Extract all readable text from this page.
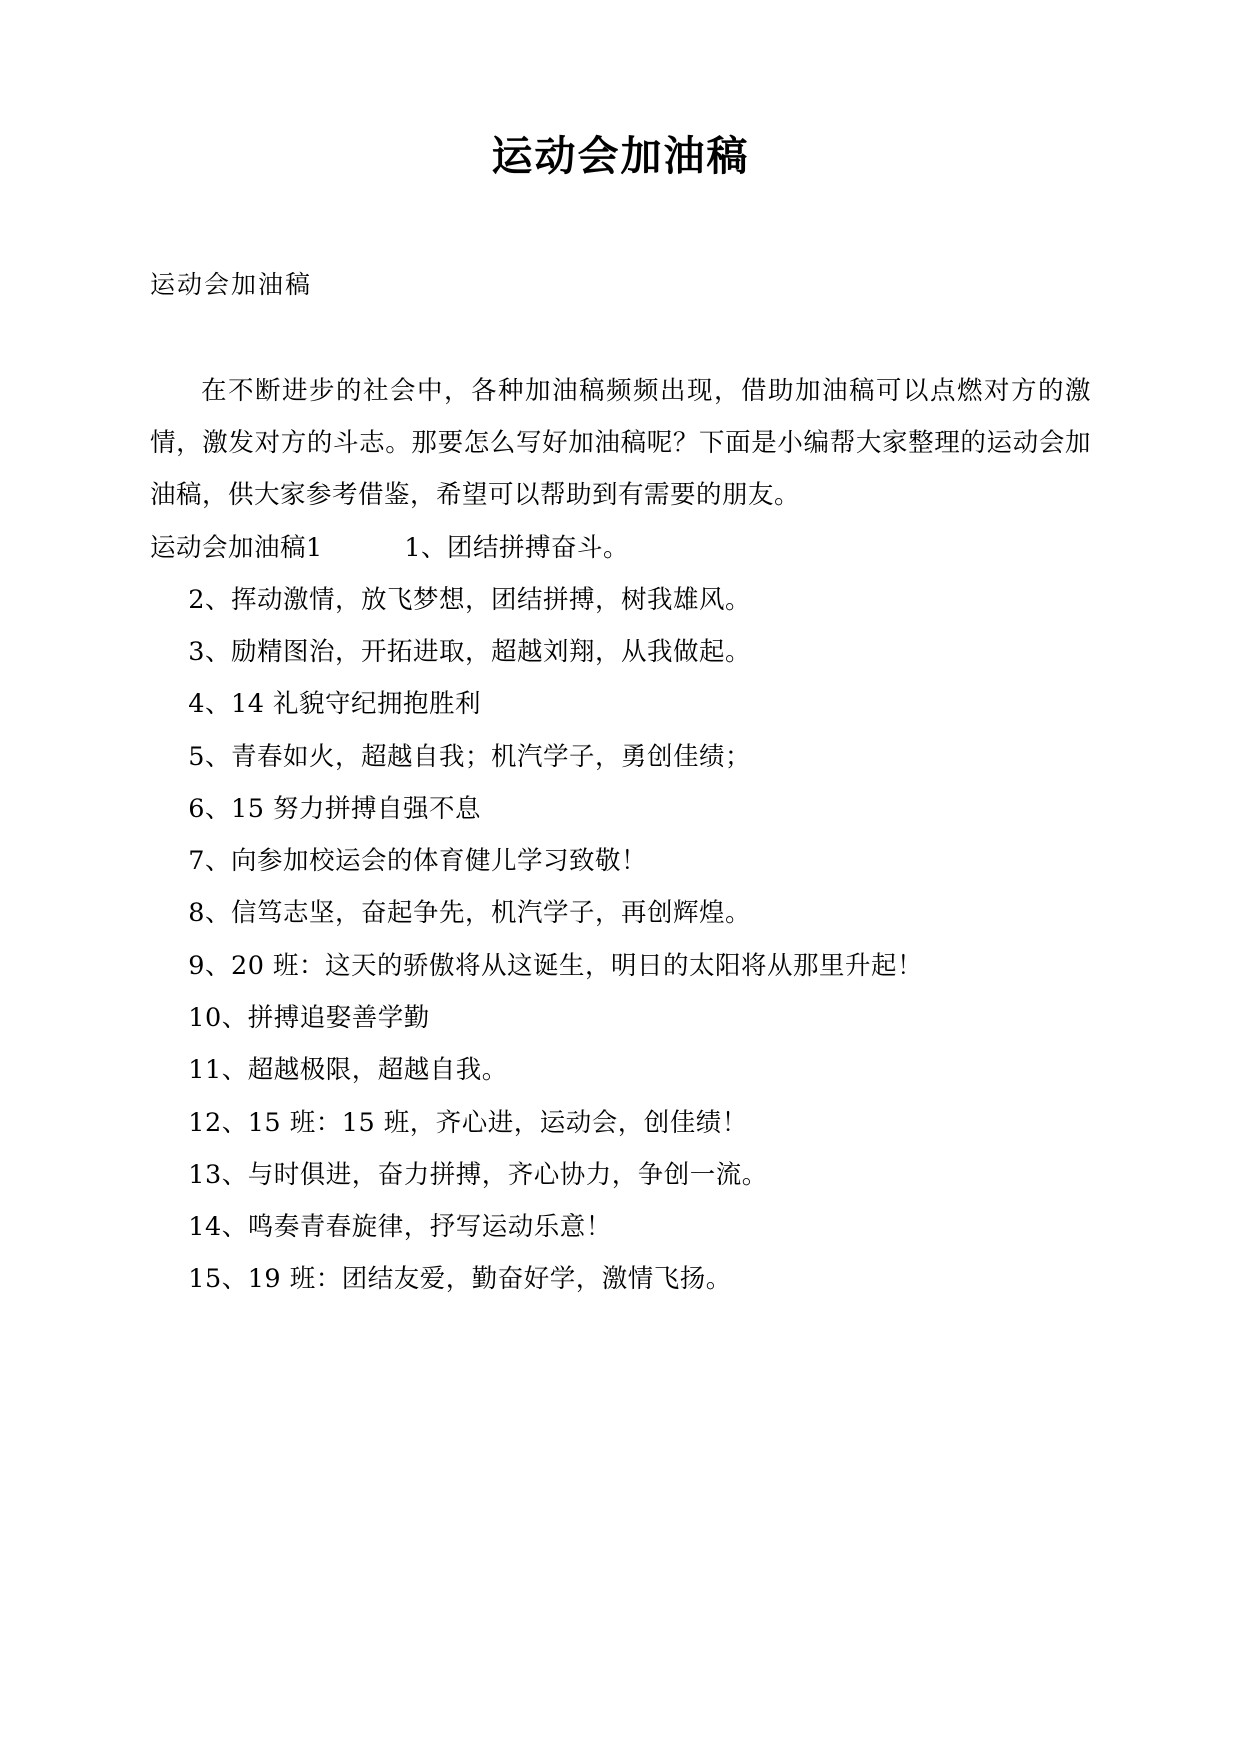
运动会加油稿

运动会加油稿

在不断进步的社会中，各种加油稿频频出现，借助加油稿可以点燃对方的激情，激发对方的斗志。那要怎么写好加油稿呢？下面是小编帮大家整理的运动会加油稿，供大家参考借鉴，希望可以帮助到有需要的朋友。

运动会加油稿1	1、团结拼搏奋斗。

2、挥动激情，放飞梦想，团结拼搏，树我雄风。

3、励精图治，开拓进取，超越刘翔，从我做起。

4、14 礼貌守纪拥抱胜利

5、青春如火，超越自我；机汽学子，勇创佳绩；

6、15 努力拼搏自强不息

7、向参加校运会的体育健儿学习致敬！

8、信笃志坚，奋起争先，机汽学子，再创辉煌。

9、20 班：这天的骄傲将从这诞生，明日的太阳将从那里升起！

10、拼搏追娶善学勤

11、超越极限，超越自我。

12、15 班：15 班，齐心进，运动会，创佳绩！

13、与时俱进，奋力拼搏，齐心协力，争创一流。

14、鸣奏青春旋律，抒写运动乐意！

15、19 班：团结友爱，勤奋好学，激情飞扬。
